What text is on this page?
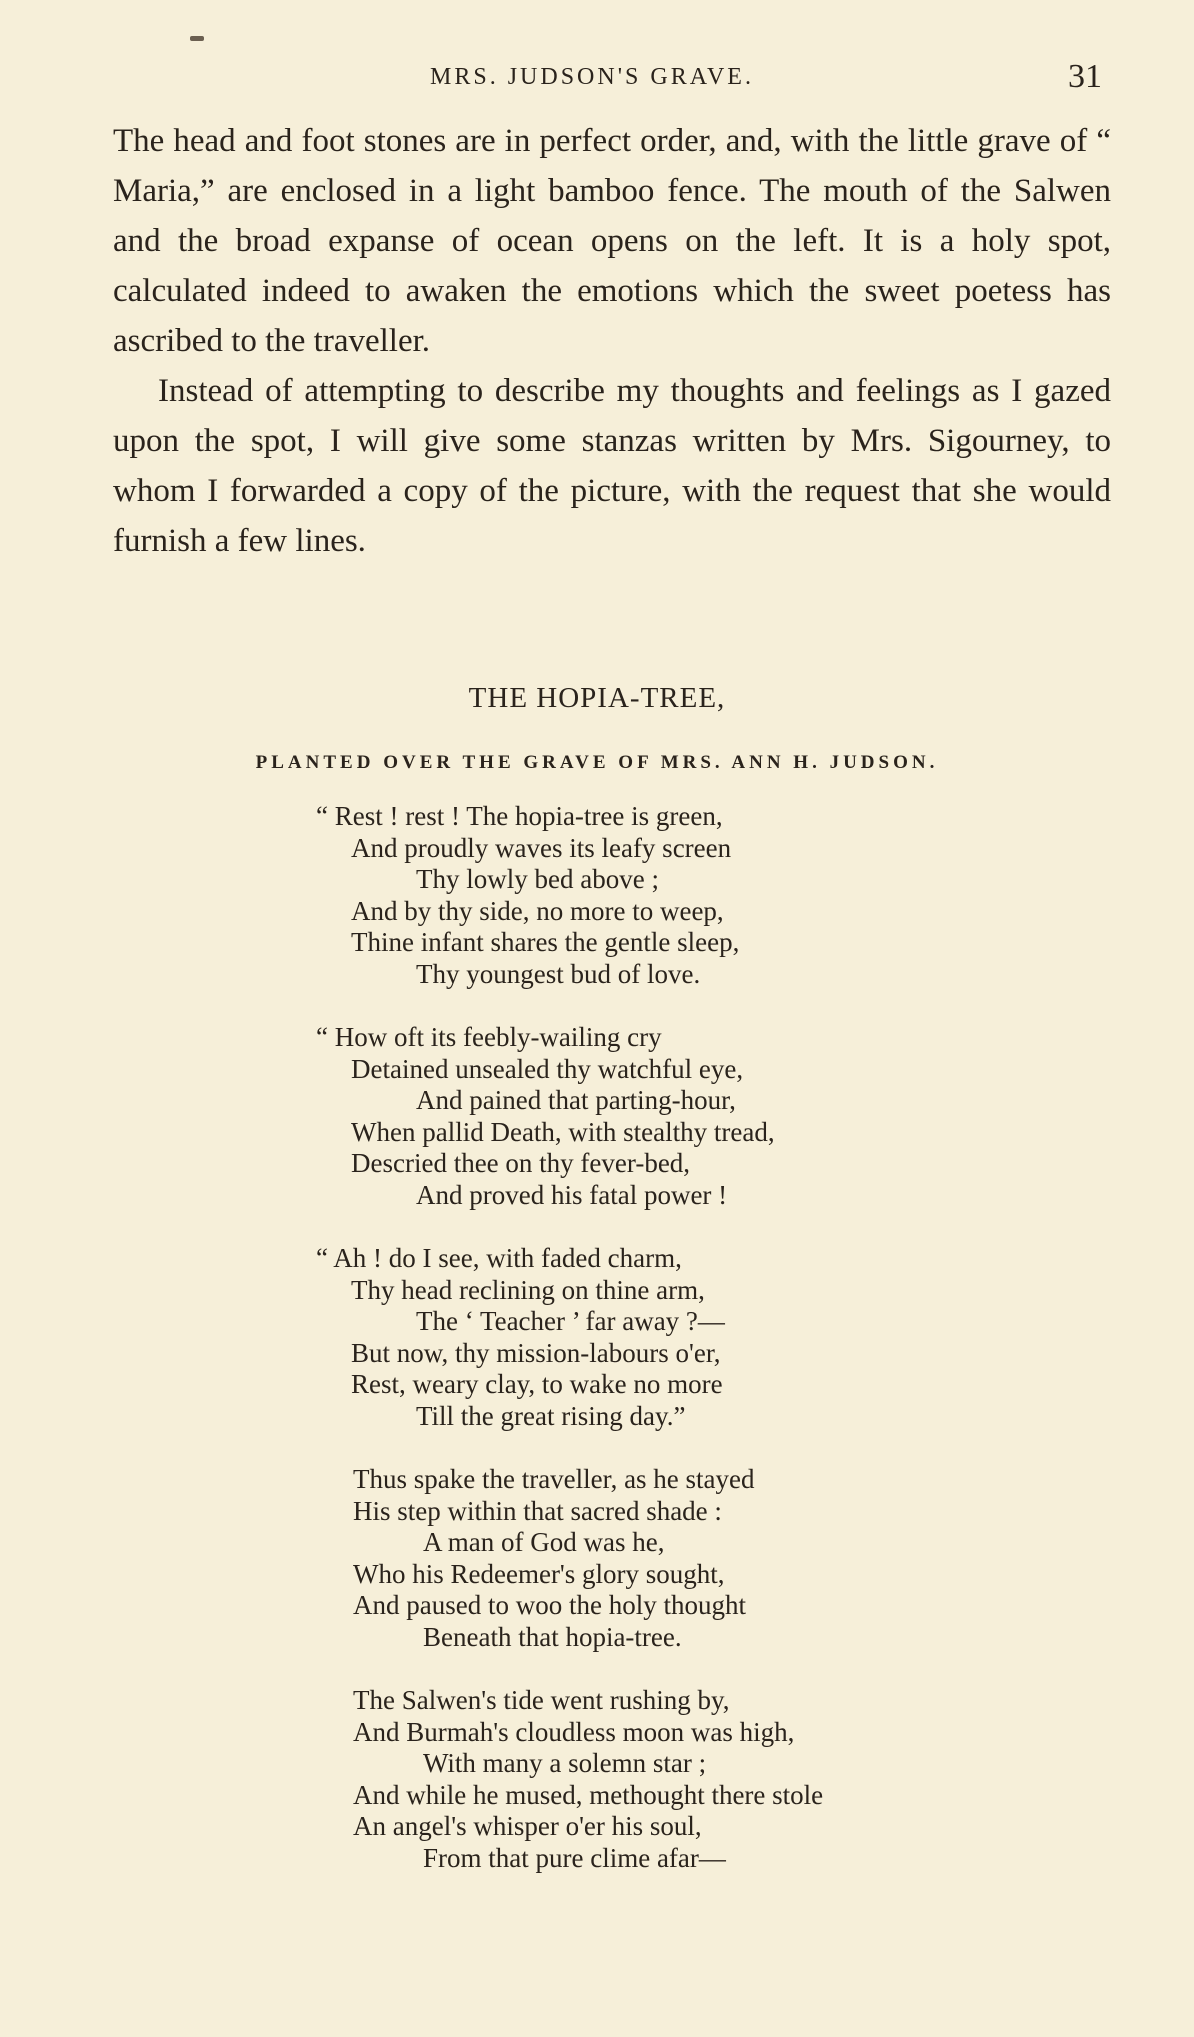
MRS. JUDSON'S GRAVE.	31

The head and foot stones are in perfect order, and, with the little grave of “ Maria,” are enclosed in a light bamboo fence. The mouth of the Salwen and the broad expanse of ocean opens on the left. It is a holy spot, calculated indeed to awaken the emotions which the sweet poetess has ascribed to the traveller.

Instead of attempting to describe my thoughts and feelings as I gazed upon the spot, I will give some stanzas written by Mrs. Sigourney, to whom I forwarded a copy of the picture, with the request that she would furnish a few lines.

THE HOPIA-TREE,
PLANTED OVER THE GRAVE OF MRS. ANN H. JUDSON.
“ Rest ! rest ! The hopia-tree is green,
And proudly waves its leafy screen
Thy lowly bed above ;
And by thy side, no more to weep,
Thine infant shares the gentle sleep,
Thy youngest bud of love.
“ How oft its feebly-wailing cry
Detained unsealed thy watchful eye,
And pained that parting-hour,
When pallid Death, with stealthy tread,
Descried thee on thy fever-bed,
And proved his fatal power !
“ Ah ! do I see, with faded charm,
Thy head reclining on thine arm,
The ‘ Teacher ’ far away ?—
But now, thy mission-labours o'er,
Rest, weary clay, to wake no more
Till the great rising day.”
Thus spake the traveller, as he stayed
His step within that sacred shade :
A man of God was he,
Who his Redeemer's glory sought,
And paused to woo the holy thought
Beneath that hopia-tree.
The Salwen's tide went rushing by,
And Burmah's cloudless moon was high,
With many a solemn star ;
And while he mused, methought there stole
An angel's whisper o'er his soul,
From that pure clime afar—
